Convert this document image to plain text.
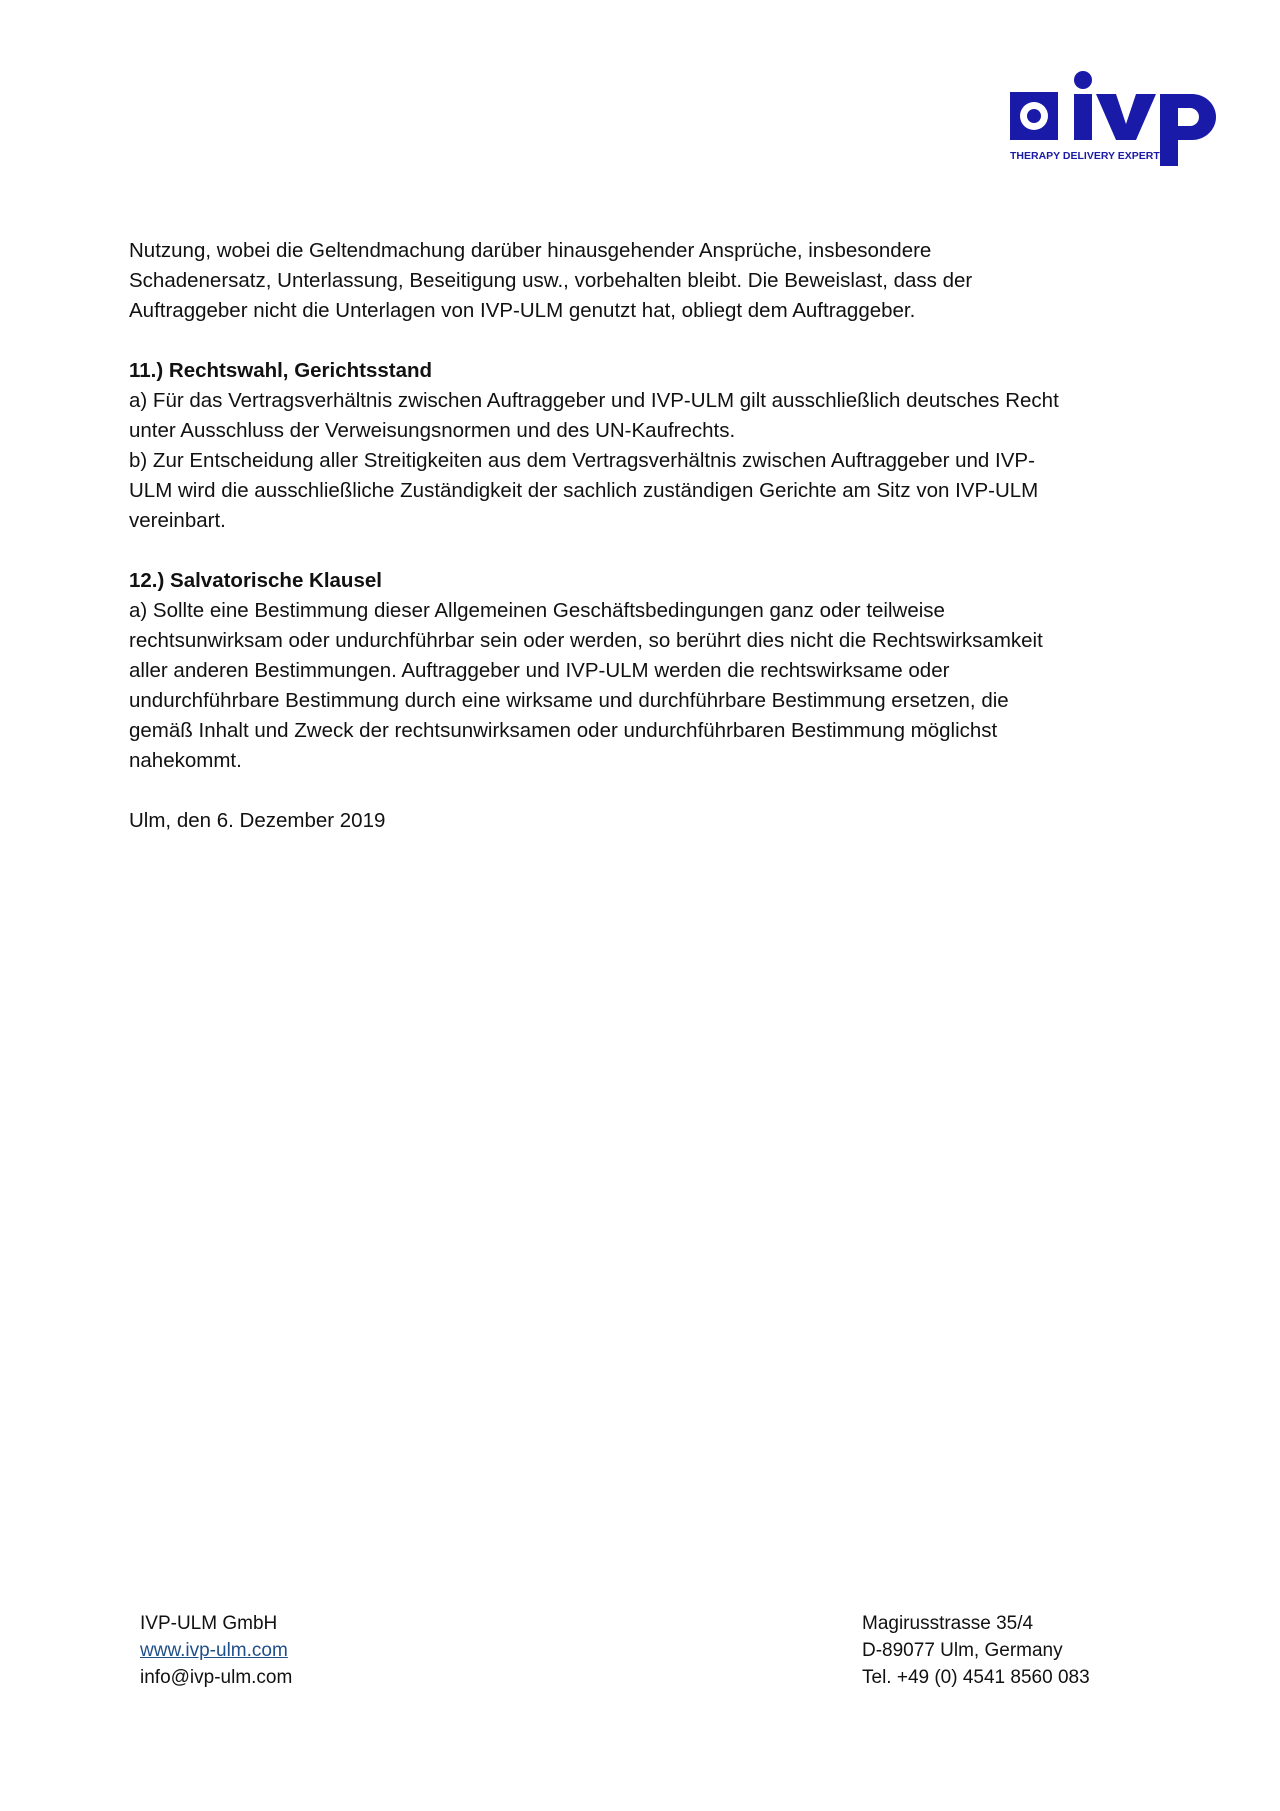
THERAPY DELIVERY EXPERTS

Nutzung, wobei die Geltendmachung darüber hinausgehender Ansprüche, insbesondere

Schadenersatz, Unterlassung, Beseitigung usw., vorbehalten bleibt. Die Beweislast, dass der

Auftraggeber nicht die Unterlagen von IVP-ULM genutzt hat, obliegt dem Auftraggeber.

11.) Rechtswahl, Gerichtsstand

a) Für das Vertragsverhältnis zwischen Auftraggeber und IVP-ULM gilt ausschließlich deutsches Recht

unter Ausschluss der Verweisungsnormen und des UN-Kaufrechts.

b) Zur Entscheidung aller Streitigkeiten aus dem Vertragsverhältnis zwischen Auftraggeber und IVP-

ULM wird die ausschließliche Zuständigkeit der sachlich zuständigen Gerichte am Sitz von IVP-ULM

vereinbart.

12.) Salvatorische Klausel

a) Sollte eine Bestimmung dieser Allgemeinen Geschäftsbedingungen ganz oder teilweise

rechtsunwirksam oder undurchführbar sein oder werden, so berührt dies nicht die Rechtswirksamkeit

aller anderen Bestimmungen. Auftraggeber und IVP-ULM werden die rechtswirksame oder

undurchführbare Bestimmung durch eine wirksame und durchführbare Bestimmung ersetzen, die

gemäß Inhalt und Zweck der rechtsunwirksamen oder undurchführbaren Bestimmung möglichst

nahekommt.

Ulm, den 6. Dezember 2019

IVP-ULM GmbH
www.ivp-ulm.com
info@ivp-ulm.com
Magirusstrasse 35/4
D-89077 Ulm, Germany
Tel. +49 (0) 4541 8560 083
